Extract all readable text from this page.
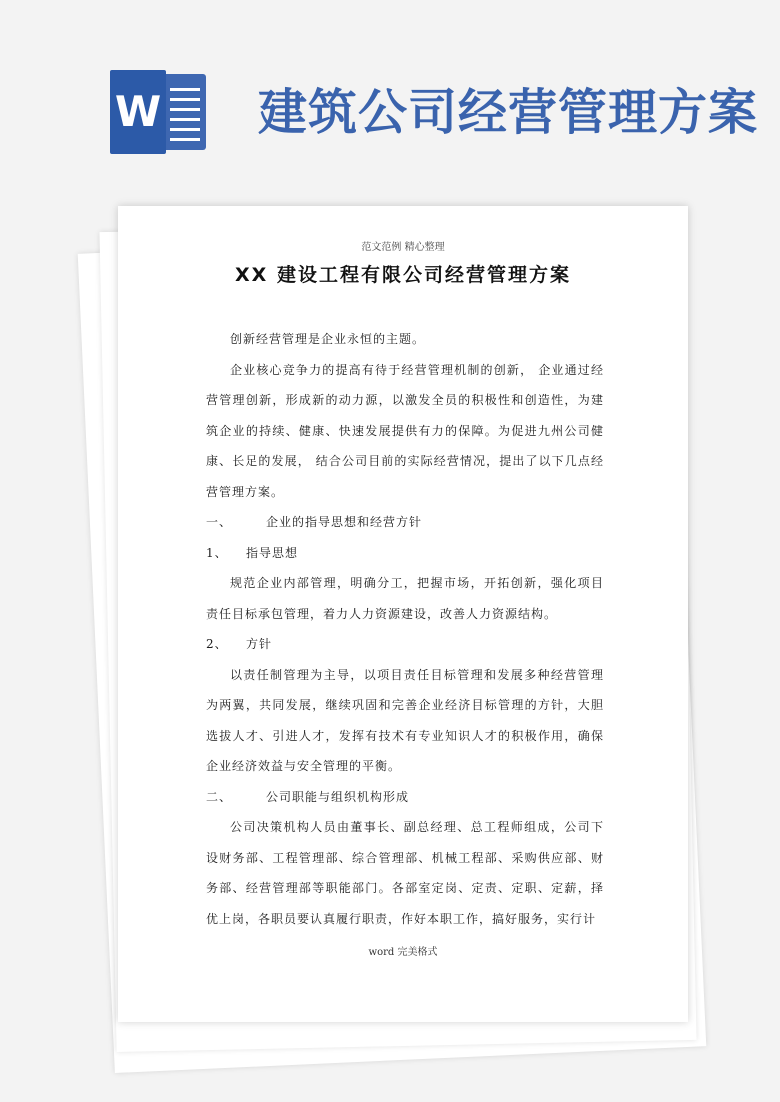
W 建筑公司经营管理方案
范文范例 精心整理
XX 建设工程有限公司经营管理方案

创新经营管理是企业永恒的主题。

企业核心竞争力的提高有待于经营管理机制的创新， 企业通过经营管理创新，形成新的动力源，以激发全员的积极性和创造性，为建筑企业的持续、健康、快速发展提供有力的保障。为促进九州公司健康、长足的发展， 结合公司目前的实际经营情况，提出了以下几点经营管理方案。

一、	企业的指导思想和经营方针
1、 指导思想

规范企业内部管理，明确分工，把握市场，开拓创新，强化项目责任目标承包管理，着力人力资源建设，改善人力资源结构。

2、 方针

以责任制管理为主导，以项目责任目标管理和发展多种经营管理为两翼，共同发展，继续巩固和完善企业经济目标管理的方针，大胆选拔人才、引进人才，发挥有技术有专业知识人才的积极作用，确保企业经济效益与安全管理的平衡。

二、	公司职能与组织机构形成

公司决策机构人员由董事长、副总经理、总工程师组成，公司下设财务部、工程管理部、综合管理部、机械工程部、采购供应部、财务部、经营管理部等职能部门。各部室定岗、定责、定职、定薪，择优上岗，各职员要认真履行职责，作好本职工作，搞好服务，实行计

word 完美格式
